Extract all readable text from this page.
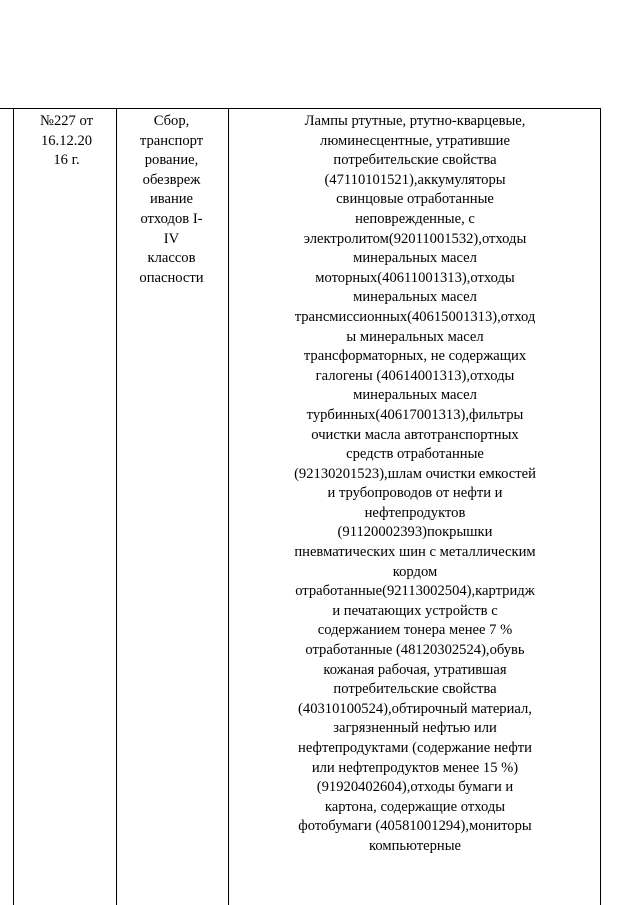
№227 от

16.12.20

16 г.

Сбор,

транспорт

рование,

обезвреж

ивание

отходов I-

IV

классов

опасности

Лампы ртутные, ртутно-кварцевые,

люминесцентные, утратившие

потребительские свойства

(47110101521),аккумуляторы

свинцовые отработанные

неповрежденные, с

электролитом(92011001532),отходы

минеральных масел

моторных(40611001313),отходы

минеральных масел

трансмиссионных(40615001313),отход

ы минеральных масел

трансформаторных, не содержащих

галогены (40614001313),отходы

минеральных масел

турбинных(40617001313),фильтры

очистки масла автотранспортных

средств отработанные

(92130201523),шлам очистки емкостей

и трубопроводов от нефти и

нефтепродуктов

(91120002393)покрышки

пневматических шин с металлическим

кордом

отработанные(92113002504),картридж

и печатающих устройств с

содержанием тонера менее 7 %

отработанные (48120302524),обувь

кожаная рабочая, утратившая

потребительские свойства

(40310100524),обтирочный материал,

загрязненный нефтью или

нефтепродуктами (содержание нефти

или нефтепродуктов менее 15 %)

(91920402604),отходы бумаги и

картона, содержащие отходы

фотобумаги (40581001294),мониторы

компьютерные
